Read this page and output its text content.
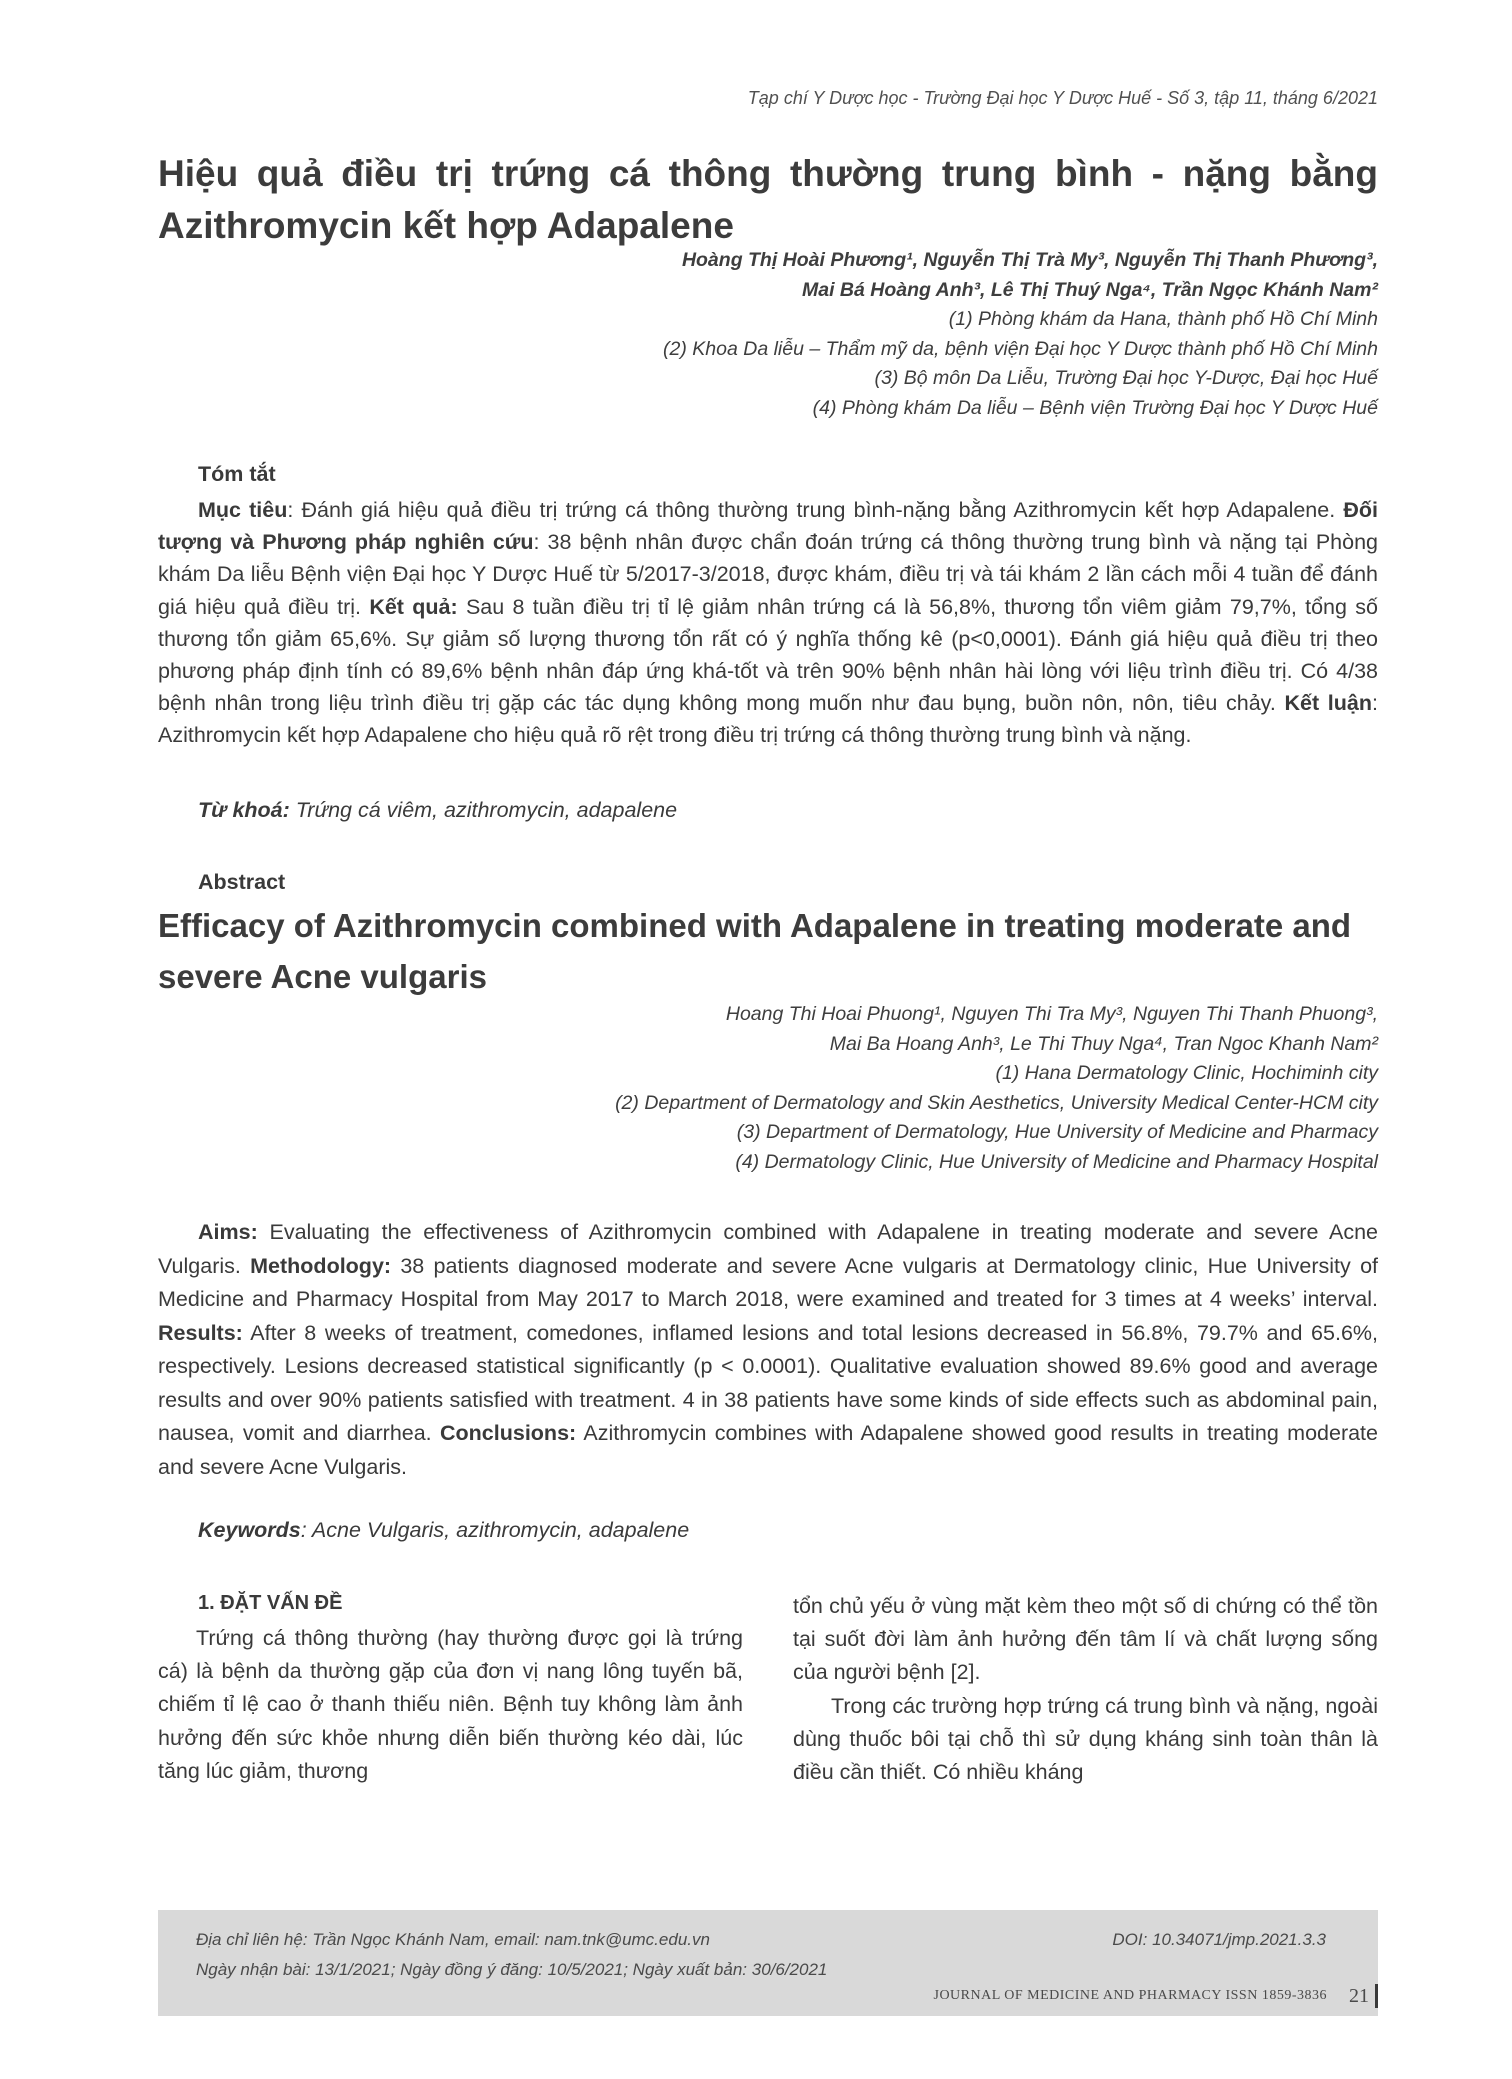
Tạp chí Y Dược học - Trường Đại học Y Dược Huế - Số 3, tập 11, tháng 6/2021
Hiệu quả điều trị trứng cá thông thường trung bình - nặng bằng Azithromycin kết hợp Adapalene
Hoàng Thị Hoài Phương¹, Nguyễn Thị Trà My³, Nguyễn Thị Thanh Phương³,
Mai Bá Hoàng Anh³, Lê Thị Thuý Nga⁴, Trần Ngọc Khánh Nam²
(1) Phòng khám da Hana, thành phố Hồ Chí Minh
(2) Khoa Da liễu – Thẩm mỹ da, bệnh viện Đại học Y Dược thành phố Hồ Chí Minh
(3) Bộ môn Da Liễu, Trường Đại học Y-Dược, Đại học Huế
(4) Phòng khám Da liễu – Bệnh viện Trường Đại học Y Dược Huế
Tóm tắt

Mục tiêu: Đánh giá hiệu quả điều trị trứng cá thông thường trung bình-nặng bằng Azithromycin kết hợp Adapalene. Đối tượng và Phương pháp nghiên cứu: 38 bệnh nhân được chẩn đoán trứng cá thông thường trung bình và nặng tại Phòng khám Da liễu Bệnh viện Đại học Y Dược Huế từ 5/2017-3/2018, được khám, điều trị và tái khám 2 lần cách mỗi 4 tuần để đánh giá hiệu quả điều trị. Kết quả: Sau 8 tuần điều trị tỉ lệ giảm nhân trứng cá là 56,8%, thương tổn viêm giảm 79,7%, tổng số thương tổn giảm 65,6%. Sự giảm số lượng thương tổn rất có ý nghĩa thống kê (p<0,0001). Đánh giá hiệu quả điều trị theo phương pháp định tính có 89,6% bệnh nhân đáp ứng khá-tốt và trên 90% bệnh nhân hài lòng với liệu trình điều trị. Có 4/38 bệnh nhân trong liệu trình điều trị gặp các tác dụng không mong muốn như đau bụng, buồn nôn, nôn, tiêu chảy. Kết luận: Azithromycin kết hợp Adapalene cho hiệu quả rõ rệt trong điều trị trứng cá thông thường trung bình và nặng.

Từ khoá: Trứng cá viêm, azithromycin, adapalene
Abstract
Efficacy of Azithromycin combined with Adapalene in treating moderate and severe Acne vulgaris
Hoang Thi Hoai Phuong¹, Nguyen Thi Tra My³, Nguyen Thi Thanh Phuong³,
Mai Ba Hoang Anh³, Le Thi Thuy Nga⁴, Tran Ngoc Khanh Nam²
(1) Hana Dermatology Clinic, Hochiminh city
(2) Department of Dermatology and Skin Aesthetics, University Medical Center-HCM city
(3) Department of Dermatology, Hue University of Medicine and Pharmacy
(4) Dermatology Clinic, Hue University of Medicine and Pharmacy Hospital

Aims: Evaluating the effectiveness of Azithromycin combined with Adapalene in treating moderate and severe Acne Vulgaris. Methodology: 38 patients diagnosed moderate and severe Acne vulgaris at Dermatology clinic, Hue University of Medicine and Pharmacy Hospital from May 2017 to March 2018, were examined and treated for 3 times at 4 weeks’ interval. Results: After 8 weeks of treatment, comedones, inflamed lesions and total lesions decreased in 56.8%, 79.7% and 65.6%, respectively. Lesions decreased statistical significantly (p < 0.0001). Qualitative evaluation showed 89.6% good and average results and over 90% patients satisfied with treatment. 4 in 38 patients have some kinds of side effects such as abdominal pain, nausea, vomit and diarrhea. Conclusions: Azithromycin combines with Adapalene showed good results in treating moderate and severe Acne Vulgaris.

Keywords: Acne Vulgaris, azithromycin, adapalene
1. ĐẶT VẤN ĐỀ

Trứng cá thông thường (hay thường được gọi là trứng cá) là bệnh da thường gặp của đơn vị nang lông tuyến bã, chiếm tỉ lệ cao ở thanh thiếu niên. Bệnh tuy không làm ảnh hưởng đến sức khỏe nhưng diễn biến thường kéo dài, lúc tăng lúc giảm, thương

tổn chủ yếu ở vùng mặt kèm theo một số di chứng có thể tồn tại suốt đời làm ảnh hưởng đến tâm lí và chất lượng sống của người bệnh [2].

Trong các trường hợp trứng cá trung bình và nặng, ngoài dùng thuốc bôi tại chỗ thì sử dụng kháng sinh toàn thân là điều cần thiết. Có nhiều kháng

Địa chỉ liên hệ: Trần Ngọc Khánh Nam, email: nam.tnk@umc.edu.vn
Ngày nhận bài: 13/1/2021; Ngày đồng ý đăng: 10/5/2021; Ngày xuất bản: 30/6/2021
DOI: 10.34071/jmp.2021.3.3
JOURNAL OF MEDICINE AND PHARMACY ISSN 1859-3836 21
